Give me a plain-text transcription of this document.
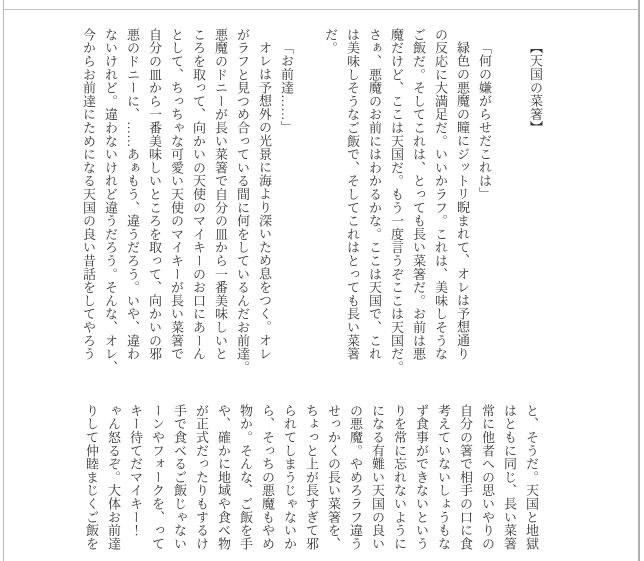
【天国の菜箸】

「何の嫌がらせだこれは」
緑色の悪魔の瞳にジットリ睨まれて、オレは予想通り
の反応に大満足だ。いいかラフ。これは、美味しそうな
ご飯だ。そしてこれは、とっても長い菜箸だ。お前は悪
魔だけど、ここは天国だ。もう一度言うぞここは天国だ。
さぁ、悪魔のお前にはわかるかな。ここは天国で、これ
は美味しそうなご飯で、そしてこれはとっても長い菜箸
だ。

「お前達……」
オレは予想外の光景に海より深いため息をつく。オレ
がラフと見つめ合っている間に何をしているんだお前達。
悪魔のドニーが長い菜箸で自分の皿から一番美味しいと
ころを取って、向かいの天使のマイキーのお口にあーん
として、ちっちゃな可愛い天使のマイキーが長い菜箸で
自分の皿から一番美味しいところを取って、向かいの邪
悪のドニーに、……あぁもう、違うだろう。いや、違わ
ないけれど。違わないけれど違うだろう。そんな、オレ、
今からお前達にためになる天国の良い昔話をしてやろう
と、そうだ。天国と地獄
はともに同じ、長い菜箸
常に他者への思いやりの
自分の箸で相手の口に食
考えていないしょうもな
ず食事ができないという
りを常に忘れないように
になる有難い天国の良い
の悪魔。やめろラフ違う
せっかくの長い菜箸を、
ちょっと上が長すぎて邪
られてしまうじゃないか
ら、そっちの悪魔もやめ
物か。そんな、ご飯を手
や、確かに地域や食べ物
が正式だったりもするけ
手で食べるご飯じゃない
ーンやフォークを、って
キー待てだマイキー！
ゃん怒るぞ。大体お前達
りして仲睦まじくご飯を
